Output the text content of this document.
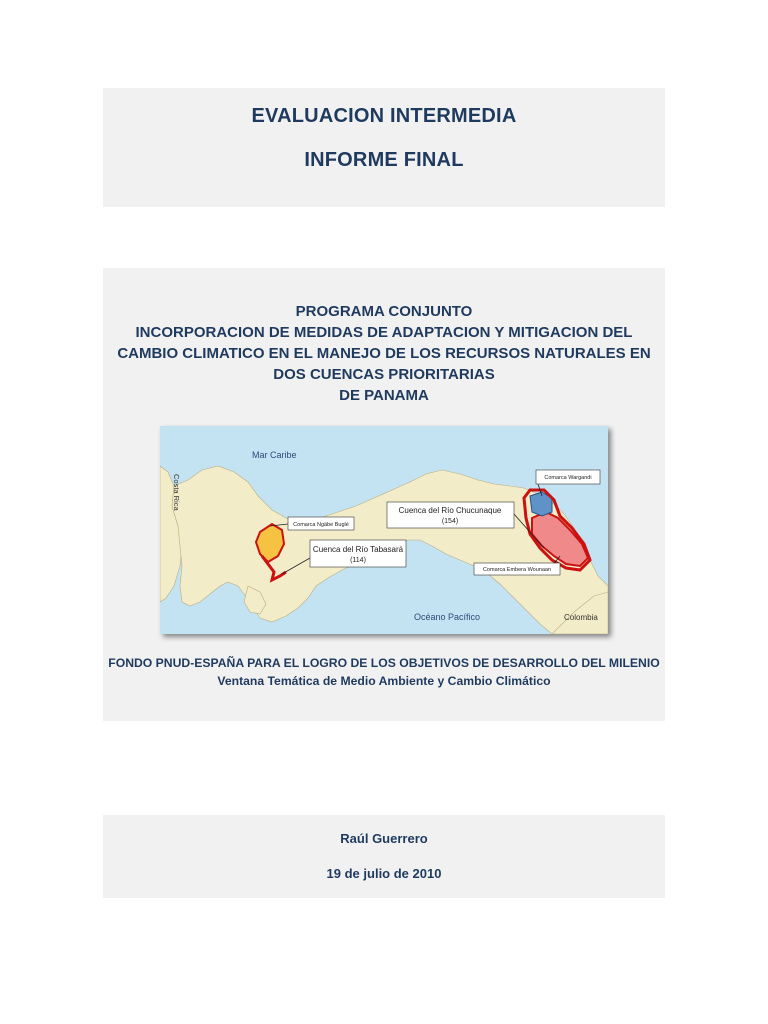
EVALUACION INTERMEDIA
INFORME FINAL
PROGRAMA CONJUNTO
INCORPORACION DE MEDIDAS DE ADAPTACION Y MITIGACION DEL
CAMBIO CLIMATICO EN EL MANEJO DE LOS RECURSOS NATURALES EN
DOS CUENCAS PRIORITARIAS
DE PANAMA
Mar Caribe
Océano Pacífico	Colombia
Costa Rica
Comarca Ngäbe Buglé
Cuenca del Río Tabasará
(114)
Cuenca del Río Chucunaque
(154)
Comarca Wargandi
Comarca Embera Wounaan
FONDO PNUD-ESPAÑA PARA EL LOGRO DE LOS OBJETIVOS DE DESARROLLO DEL MILENIO
Ventana Temática de Medio Ambiente y Cambio Climático
Raúl Guerrero
19 de julio de 2010
